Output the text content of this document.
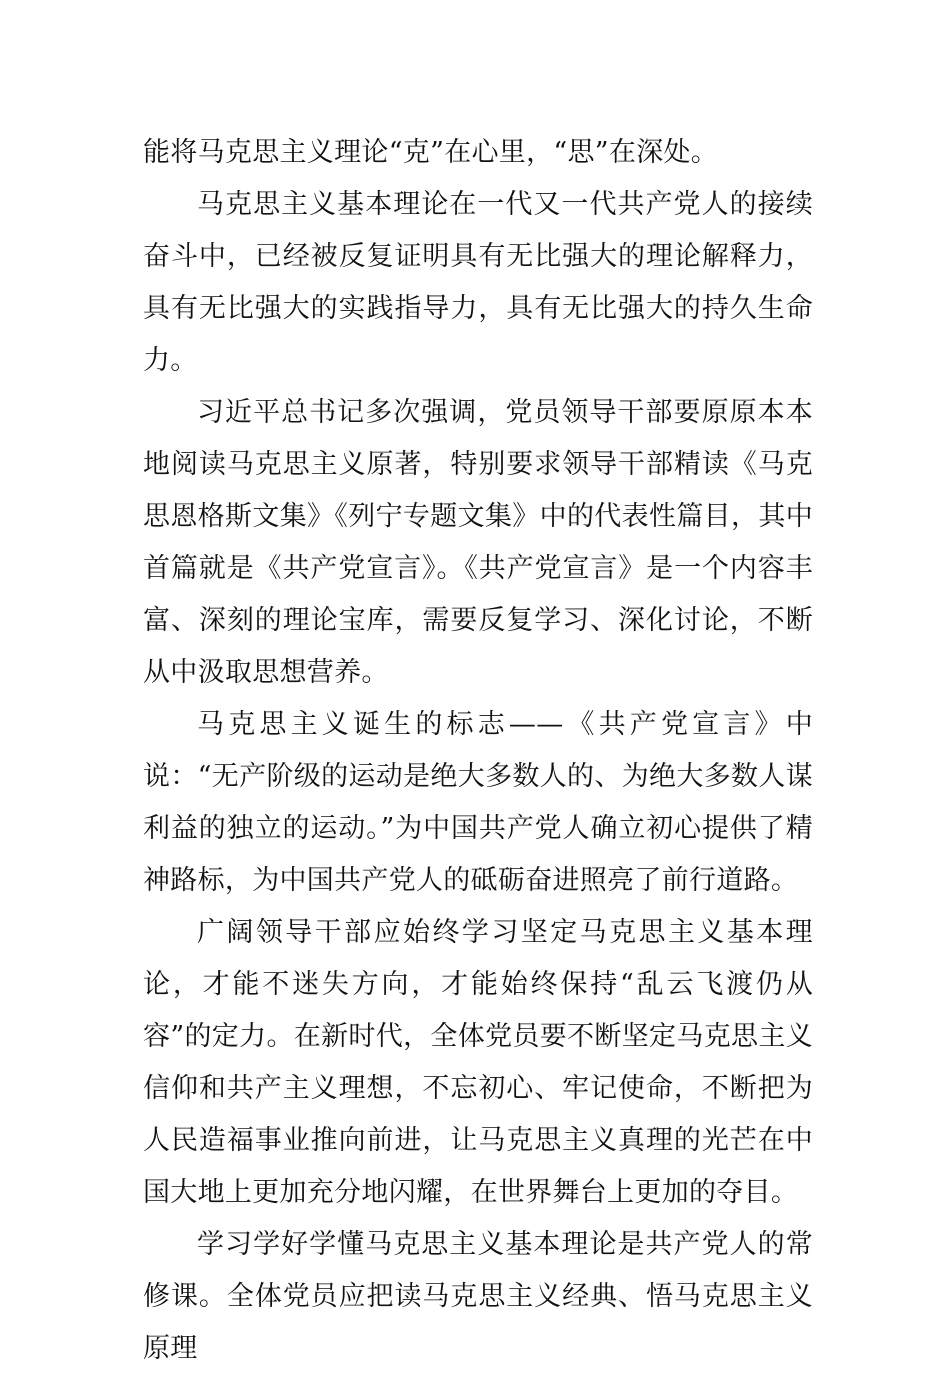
能将马克思主义理论“克”在心里，“思”在深处。

马克思主义基本理论在一代又一代共产党人的接续奋斗中，已经被反复证明具有无比强大的理论解释力，具有无比强大的实践指导力，具有无比强大的持久生命力。

习近平总书记多次强调，党员领导干部要原原本本地阅读马克思主义原著，特别要求领导干部精读《马克思恩格斯文集》《列宁专题文集》中的代表性篇目，其中首篇就是《共产党宣言》。《共产党宣言》是一个内容丰富、深刻的理论宝库，需要反复学习、深化讨论，不断从中汲取思想营养。

马克思主义诞生的标志——《共产党宣言》中说：“无产阶级的运动是绝大多数人的、为绝大多数人谋利益的独立的运动。”为中国共产党人确立初心提供了精神路标，为中国共产党人的砥砺奋进照亮了前行道路。

广阔领导干部应始终学习坚定马克思主义基本理论，才能不迷失方向，才能始终保持“乱云飞渡仍从容”的定力。在新时代，全体党员要不断坚定马克思主义信仰和共产主义理想，不忘初心、牢记使命，不断把为人民造福事业推向前进，让马克思主义真理的光芒在中国大地上更加充分地闪耀，在世界舞台上更加的夺目。

学习学好学懂马克思主义基本理论是共产党人的常修课。全体党员应把读马克思主义经典、悟马克思主义原理
